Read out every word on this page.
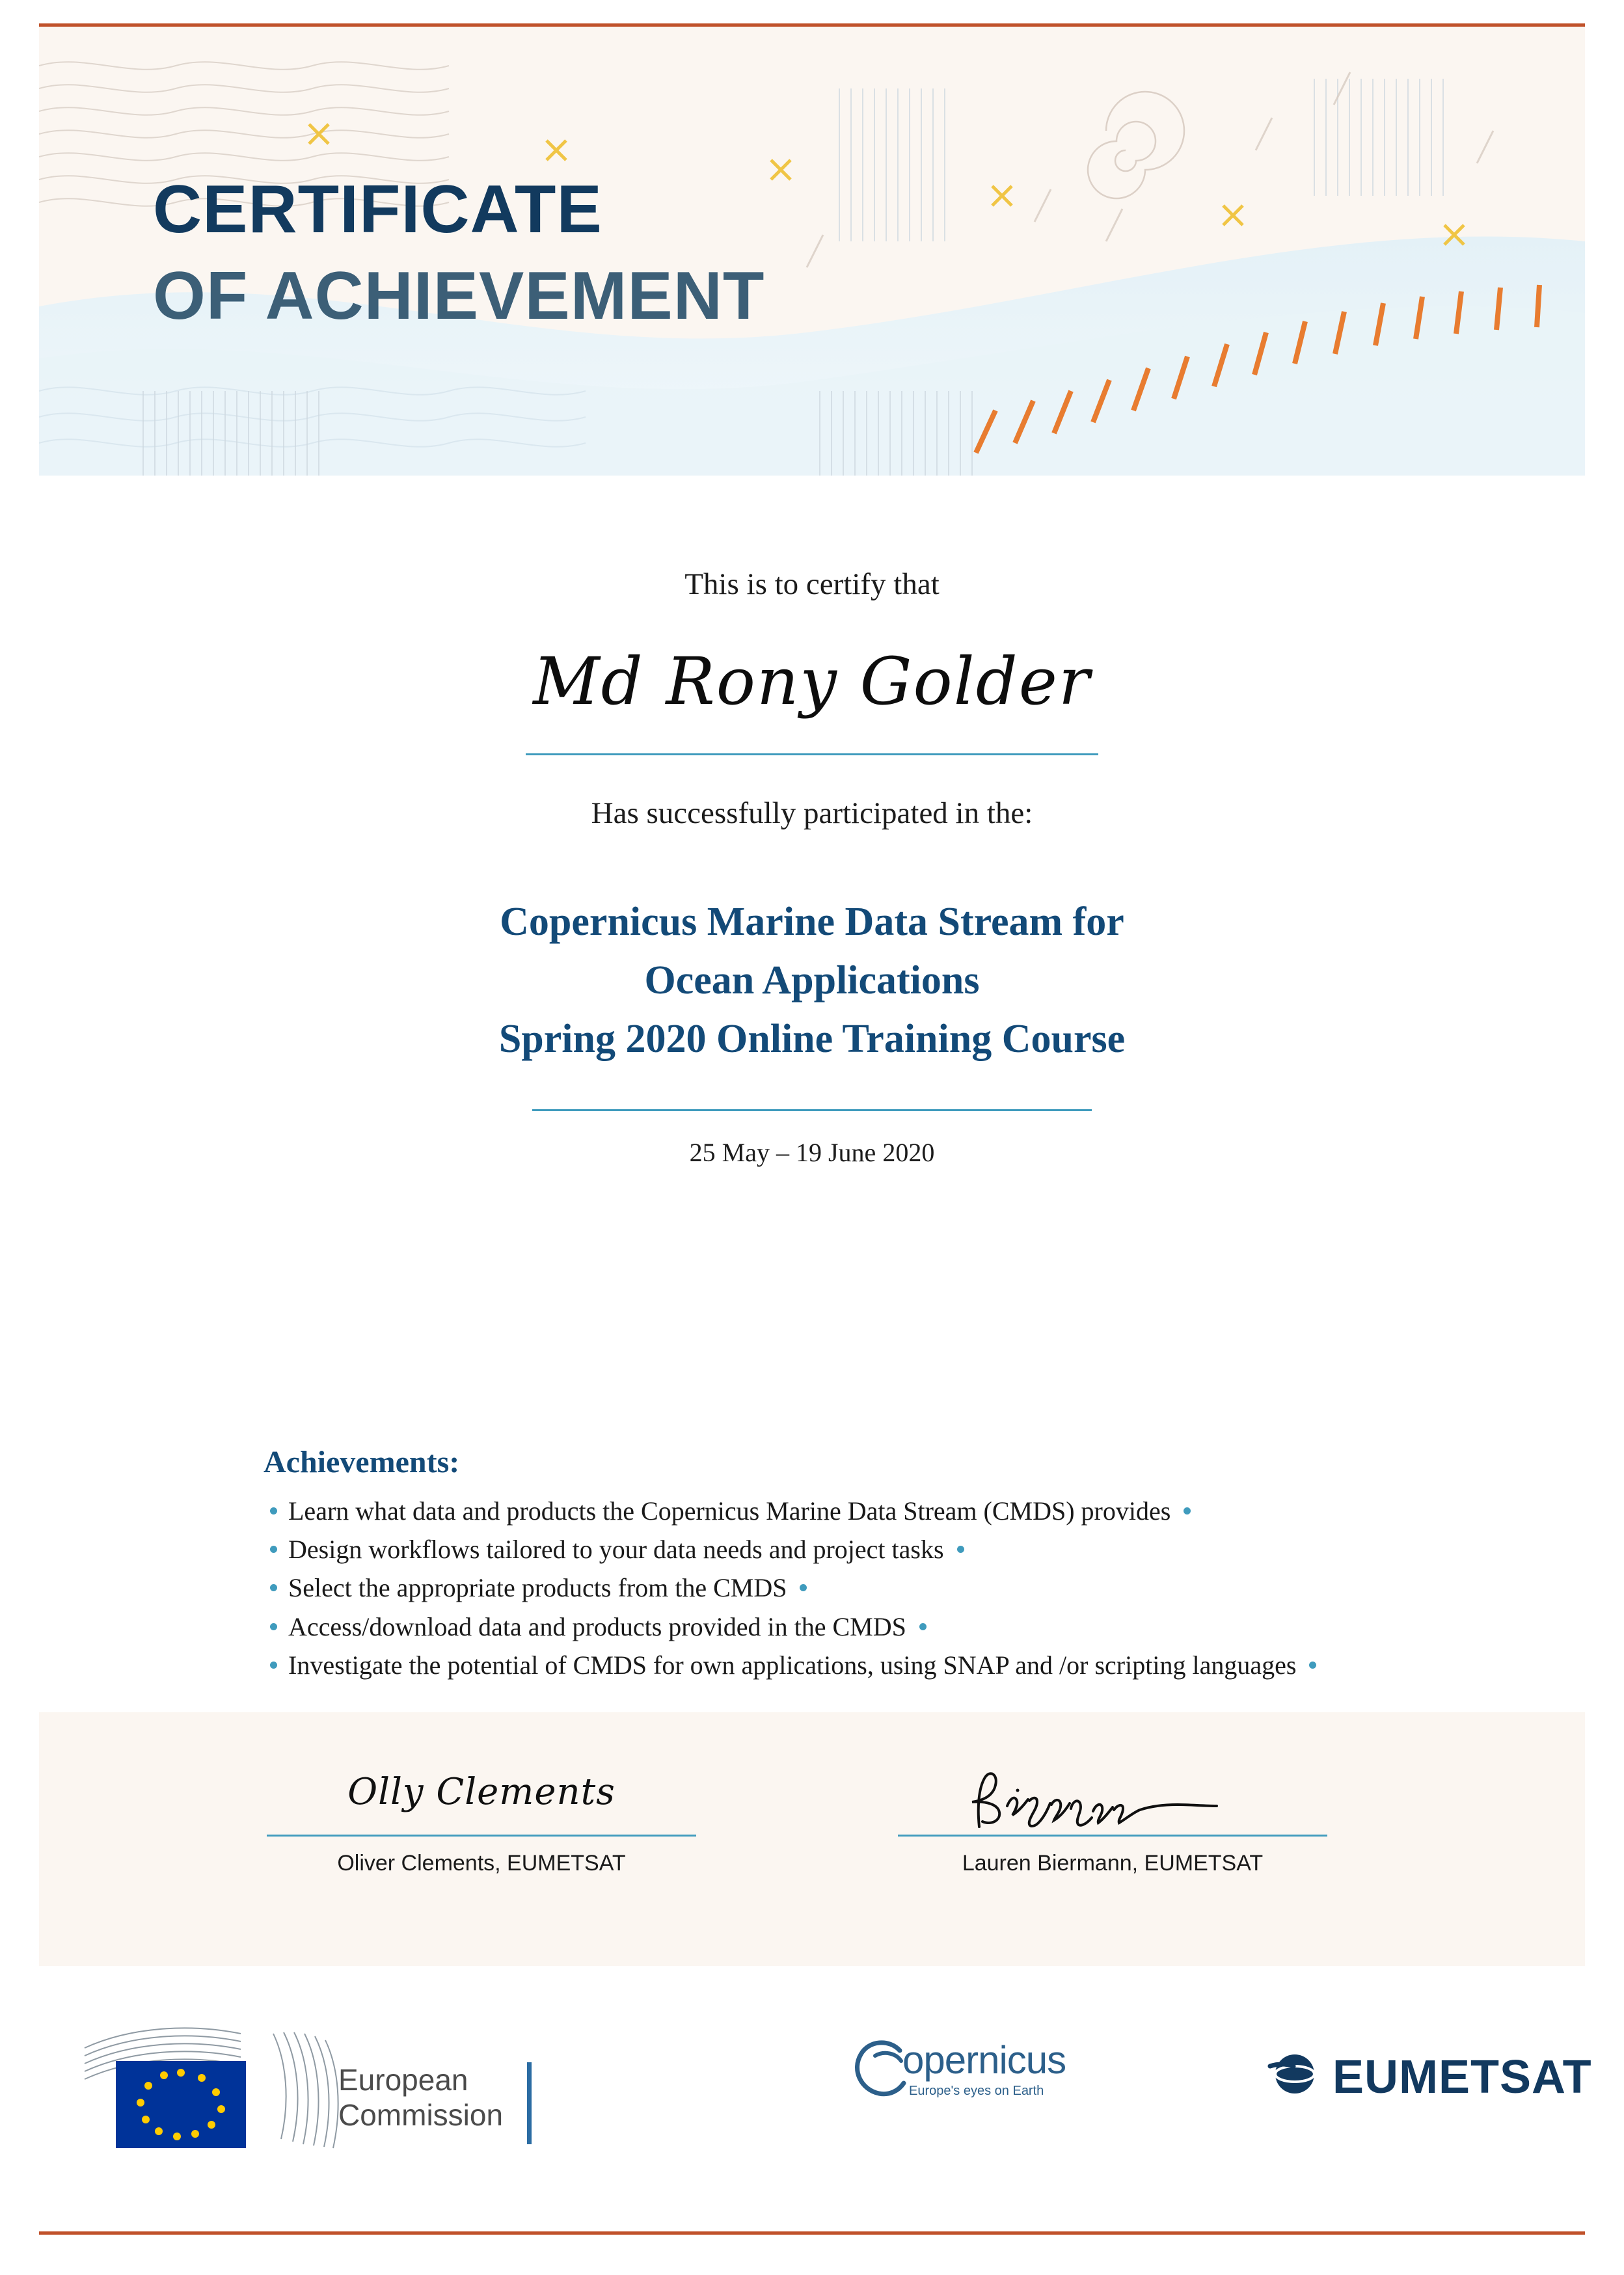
CERTIFICATE
OF ACHIEVEMENT
This is to certify that
Md Rony Golder
Has successfully participated in the:
Copernicus Marine Data Stream for
Ocean Applications
Spring 2020 Online Training Course
25 May – 19 June 2020
Achievements:
Learn what data and products the Copernicus Marine Data Stream (CMDS) provides
Design workflows tailored to your data needs and project tasks
Select the appropriate products from the CMDS
Access/download data and products provided in the CMDS
Investigate the potential of CMDS for own applications, using SNAP and /or scripting languages
Olly Clements
Oliver Clements, EUMETSAT	Lauren Biermann, EUMETSAT
European
Commission
opernicus
Europe's eyes on Earth	EUMETSAT
